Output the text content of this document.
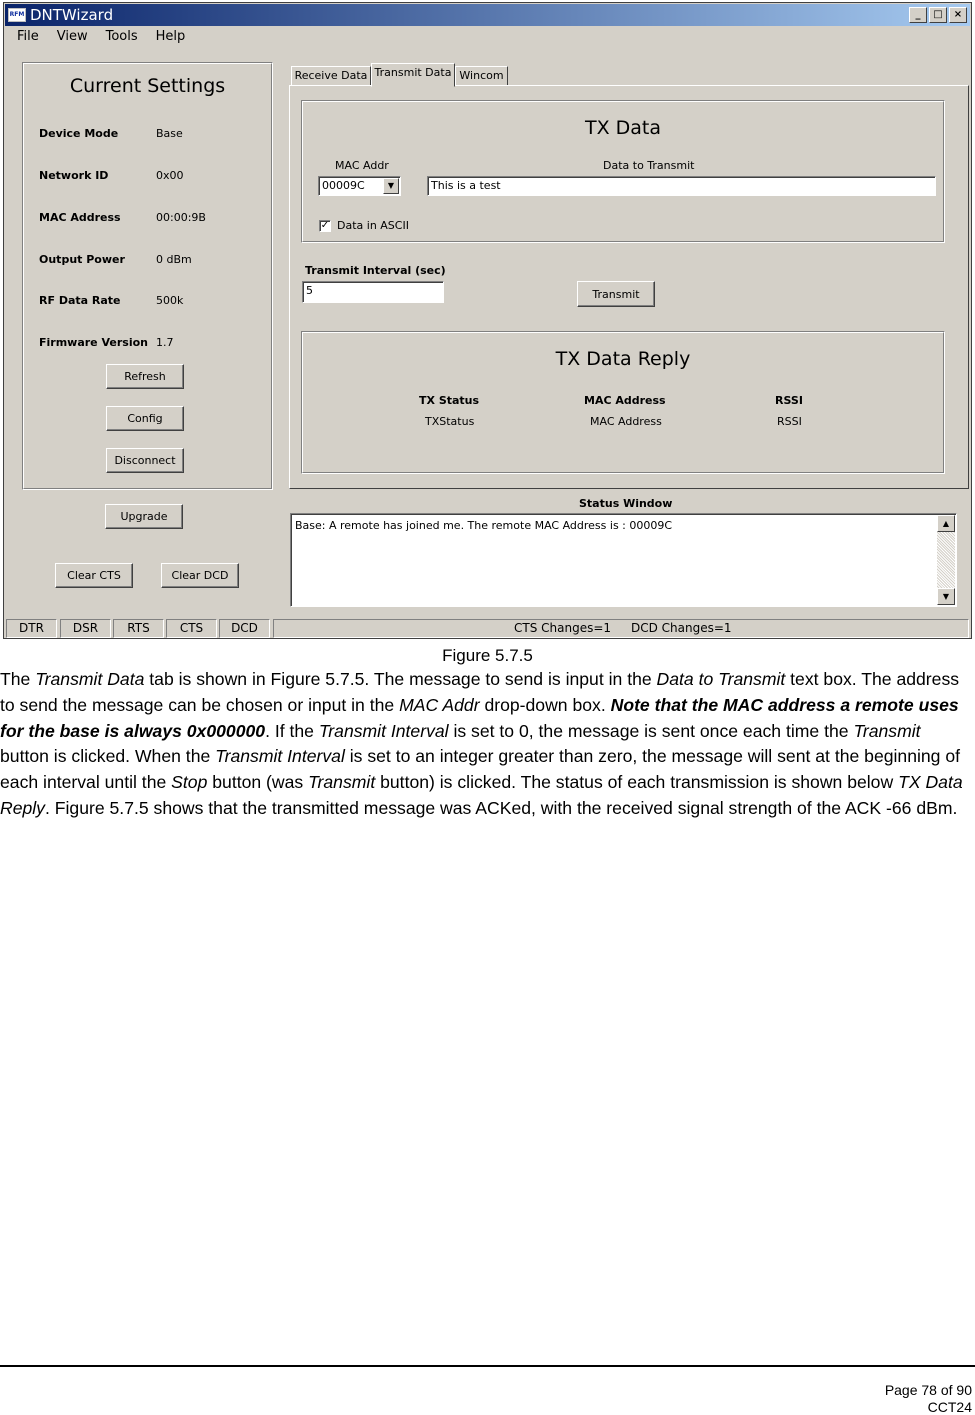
RFM DNTWizard	_	□	×
File	View	Tools	Help
Current Settings
Device Mode	Base
Network ID	0x00
MAC Address	00:00:9B
Output Power	0 dBm
RF Data Rate	500k
Firmware Version 1.7
Refresh
Config
Disconnect
Upgrade
Clear CTS	Clear DCD
Receive Data Transmit Data Wincom
TX Data
MAC Addr	Data to Transmit
00009C	▼	This is a test
✓ Data in ASCII
Transmit Interval (sec)
5	Transmit
TX Data Reply
TX Status	MAC Address	RSSI
TXStatus	MAC Address	RSSI
Status Window
Base: A remote has joined me. The remote MAC Address is : 00009C	▲
▼
DTR	DSR	RTS	CTS	DCD	CTS Changes=1 DCD Changes=1
Figure 5.7.5

The Transmit Data tab is shown in Figure 5.7.5. The message to send is input in the Data to Transmit text box. The address to send the message can be chosen or input in the MAC Addr drop-down box. Note that the MAC address a remote uses for the base is always 0x000000. If the Transmit Interval is set to 0, the message is sent once each time the Transmit button is clicked. When the Transmit Interval is set to an integer greater than zero, the message will sent at the beginning of each interval until the Stop button (was Transmit button) is clicked. The status of each transmission is shown below TX Data Reply. Figure 5.7.5 shows that the transmitted message was ACKed, with the received signal strength of the ACK -66 dBm.

Page 78 of 90
CCT24
